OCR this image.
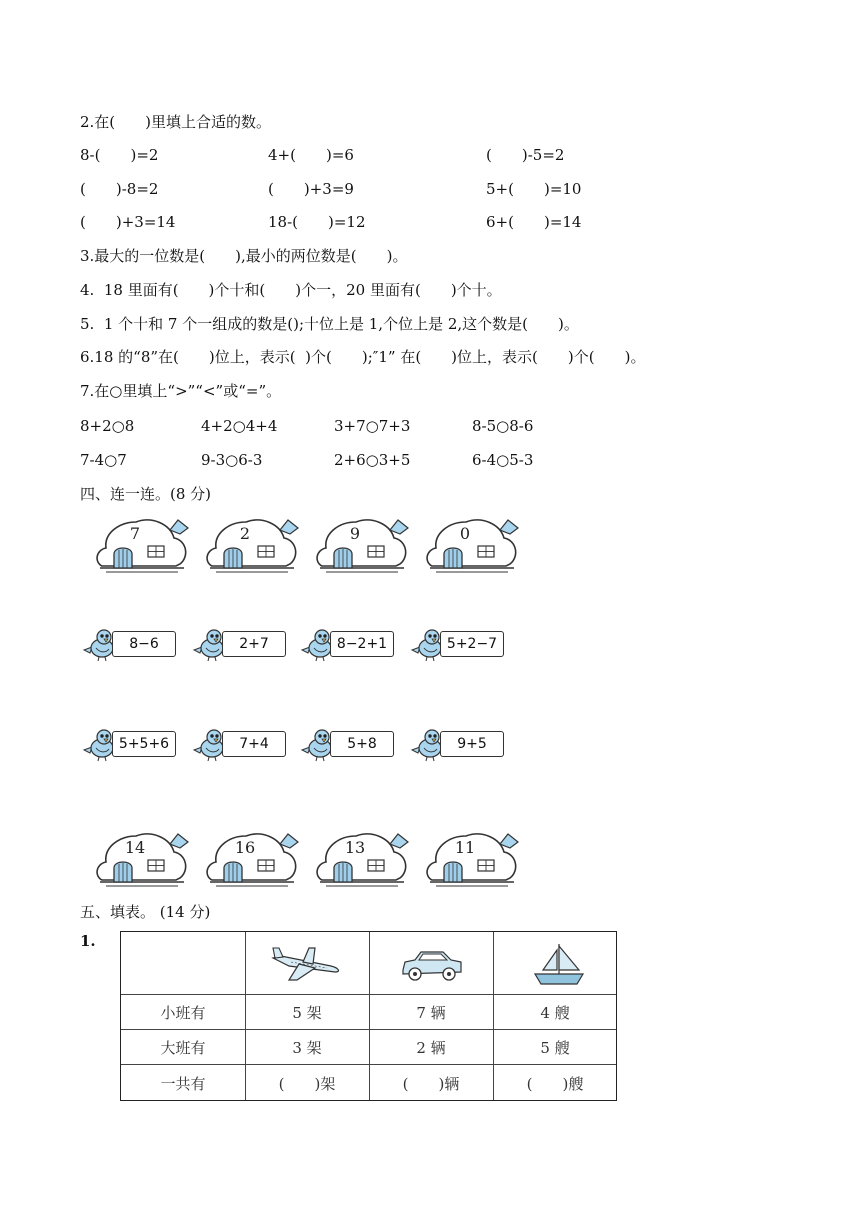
2.在(　　)里填上合适的数。
8-(　　)=2	4+(　　)=6	(　　)-5=2
(　　)-8=2	(　　)+3=9	5+(　　)=10
(　　)+3=14	18-(　　)=12	6+(　　)=14
3.最大的一位数是(　　),最小的两位数是(　　)。
4.  18 里面有(　　)个十和(　　)个一，20 里面有(　　)个十。
5.  1 个十和 7 个一组成的数是();十位上是 1,个位上是 2,这个数是(　　)。
6.18 的“8”在(　　)位上，表示(  )个(　　);″1” 在(　　)位上，表示(　　)个(　　)。
7.在○里填上“>”“<”或“=”。
8+2○8	4+2○4+4	3+7○7+3	8-5○8-6
7-4○7	9-3○6-3	2+6○3+5	6-4○5-3
四、连一连。(8 分)
7	2	9	0
8−6	2+7	8−2+1	5+2−7
5+5+6	7+4	5+8	9+5
14	16	13	11
五、填表。 (14 分)
1.
小班有	5 架	7 辆	4 艘
大班有	3 架	2 辆	5 艘
一共有	(　　)架	(　　)辆	(　　)艘
